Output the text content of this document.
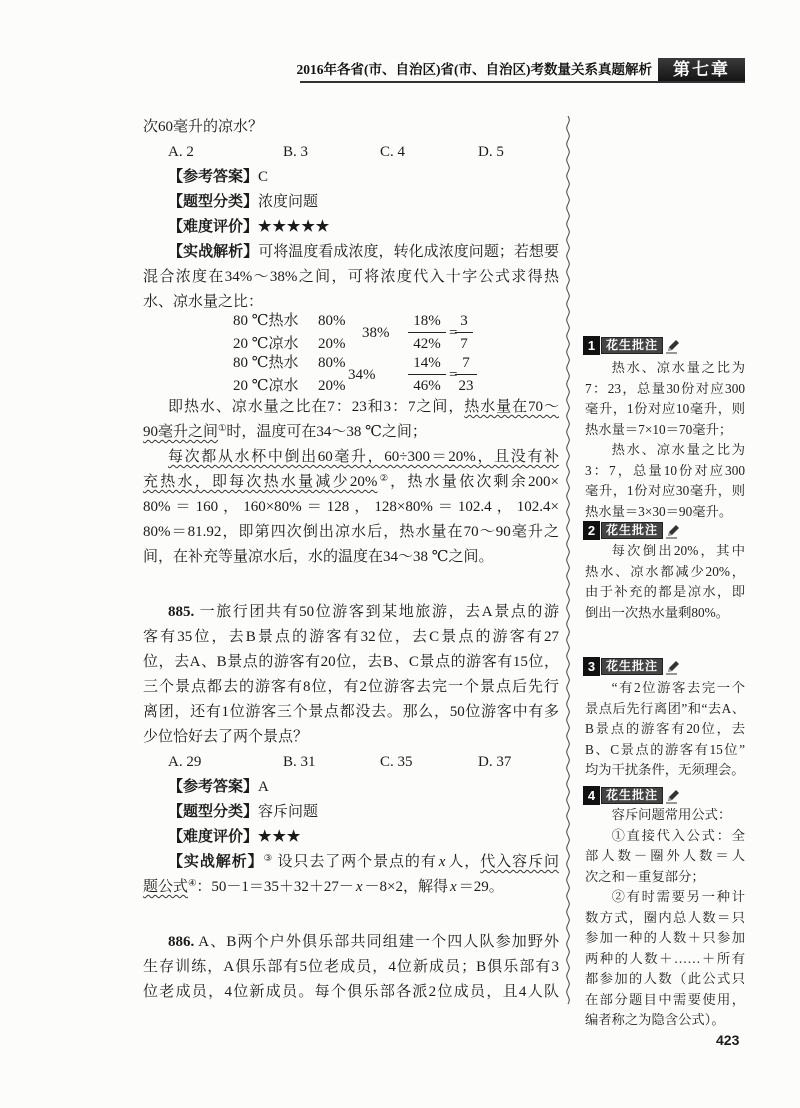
2016年各省(市、自治区)省(市、自治区)考数量关系真题解析	第七章
次60毫升的凉水？
A. 2	B. 3	C. 4	D. 5
【参考答案】C
【题型分类】浓度问题
【难度评价】★★★★★
【实战解析】可将温度看成浓度，转化成浓度问题；若想要
混合浓度在34%～38%之间，可将浓度代入十字公式求得热
水、凉水量之比：
80 ℃热水 80%
20 ℃凉水 20%
$38\% \frac{18\%}{42\%}$ =
$\frac{3}{7}$
80 ℃热水 80%
20 ℃凉水 20%
$34\% \frac{14\%}{46\%}$ =
$\frac{7}{23}$
即热水、凉水量之比在7：23和3：7之间，热水量在70～
90毫升之间①时，温度可在34～38 ℃之间；
每次都从水杯中倒出60毫升，60÷300＝20%，且没有补
充热水，即每次热水量减少20%②，热水量依次剩余200×
80%＝160，160×80%＝128，128×80%＝102.4，102.4×
80%＝81.92，即第四次倒出凉水后，热水量在70～90毫升之
间，在补充等量凉水后，水的温度在34～38 ℃之间。
885. 一旅行团共有50位游客到某地旅游，去A景点的游
客有35位，去B景点的游客有32位，去C景点的游客有27
位，去A、B景点的游客有20位，去B、C景点的游客有15位，
三个景点都去的游客有8位，有2位游客去完一个景点后先行
离团，还有1位游客三个景点都没去。那么，50位游客中有多
少位恰好去了两个景点？
A. 29	B. 31	C. 35	D. 37
【参考答案】A
【题型分类】容斥问题
【难度评价】★★★
【实战解析】③ 设只去了两个景点的有 x 人，代入容斥问
题公式④：50－1＝35＋32＋27－ x －8×2，解得 x ＝29。
886. A、B两个户外俱乐部共同组建一个四人队参加野外
生存训练，A俱乐部有5位老成员，4位新成员；B俱乐部有3
位老成员，4位新成员。每个俱乐部各派2位成员，且4人队
1 花生批注
热水、凉水量之比为
7：23，总量30份对应300
毫升，1份对应10毫升，则
热水量＝7×10＝70毫升；
热水、凉水量之比为
3：7，总量10份对应300
毫升，1份对应30毫升，则
热水量＝3×30＝90毫升。
2 花生批注
每次倒出20%，其中
热水、凉水都减少20%，
由于补充的都是凉水，即
倒出一次热水量剩80%。
3 花生批注
“有2位游客去完一个
景点后先行离团”和“去A、
B景点的游客有20位，去
B、C景点的游客有15位”
均为干扰条件，无须理会。
4 花生批注
容斥问题常用公式：
①直接代入公式：全
部人数－圈外人数＝人
次之和－重复部分；
②有时需要另一种计
数方式，圈内总人数＝只
参加一种的人数＋只参加
两种的人数＋……＋所有
都参加的人数（此公式只
在部分题目中需要使用，
编者称之为隐含公式）。
423
